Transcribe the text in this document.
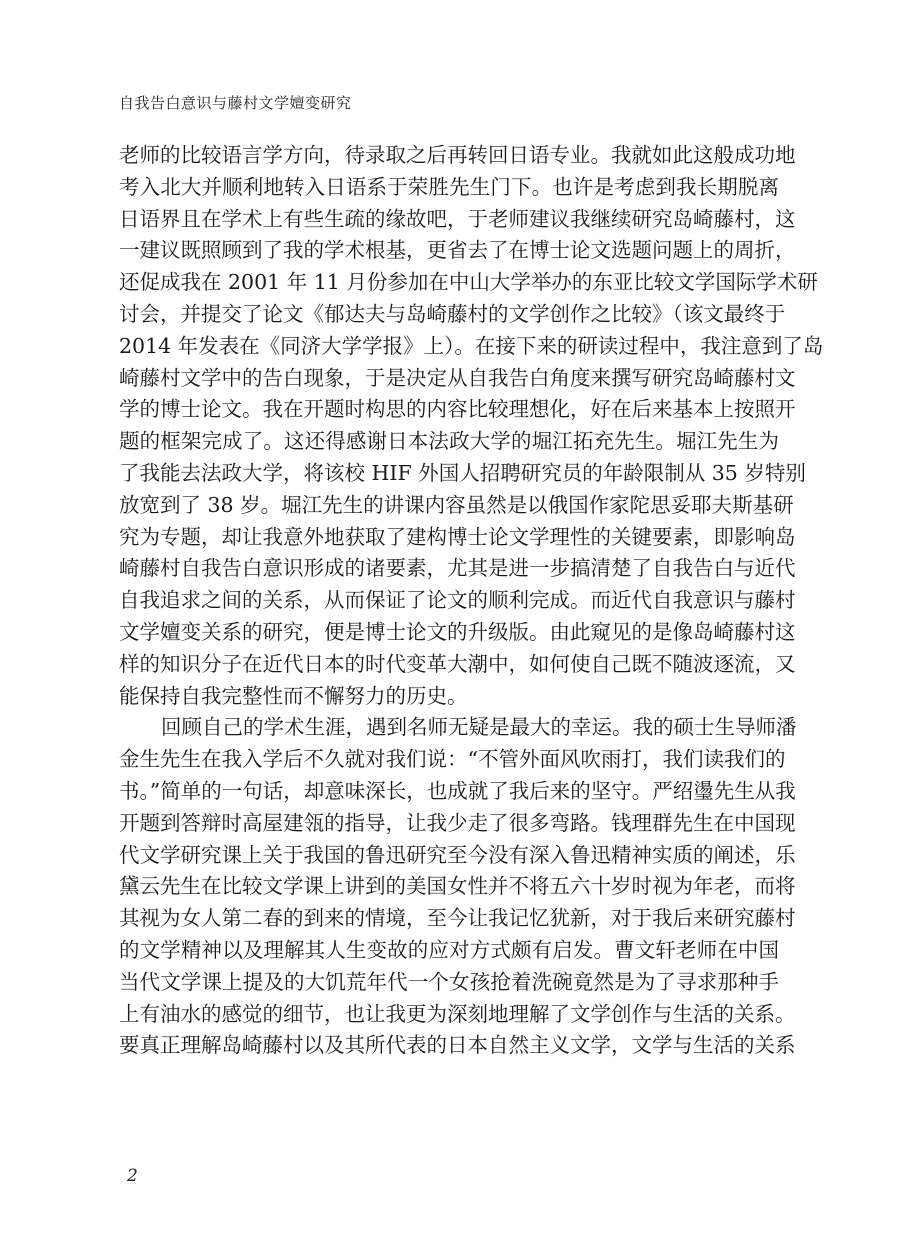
自我告白意识与藤村文学嬗变研究
老师的比较语言学方向，待录取之后再转回日语专业。我就如此这般成功地
考入北大并顺利地转入日语系于荣胜先生门下。也许是考虑到我长期脱离
日语界且在学术上有些生疏的缘故吧，于老师建议我继续研究岛崎藤村，这
一建议既照顾到了我的学术根基，更省去了在博士论文选题问题上的周折，
还促成我在 2001 年 11 月份参加在中山大学举办的东亚比较文学国际学术研
讨会，并提交了论文《郁达夫与岛崎藤村的文学创作之比较》（该文最终于
2014 年发表在《同济大学学报》上）。在接下来的研读过程中，我注意到了岛
崎藤村文学中的告白现象，于是决定从自我告白角度来撰写研究岛崎藤村文
学的博士论文。我在开题时构思的内容比较理想化，好在后来基本上按照开
题的框架完成了。这还得感谢日本法政大学的堀江拓充先生。堀江先生为
了我能去法政大学，将该校 HIF 外国人招聘研究员的年龄限制从 35 岁特别
放宽到了 38 岁。堀江先生的讲课内容虽然是以俄国作家陀思妥耶夫斯基研
究为专题，却让我意外地获取了建构博士论文学理性的关键要素，即影响岛
崎藤村自我告白意识形成的诸要素，尤其是进一步搞清楚了自我告白与近代
自我追求之间的关系，从而保证了论文的顺利完成。而近代自我意识与藤村
文学嬗变关系的研究，便是博士论文的升级版。由此窥见的是像岛崎藤村这
样的知识分子在近代日本的时代变革大潮中，如何使自己既不随波逐流，又
能保持自我完整性而不懈努力的历史。
回顾自己的学术生涯，遇到名师无疑是最大的幸运。我的硕士生导师潘
金生先生在我入学后不久就对我们说：“不管外面风吹雨打，我们读我们的
书。”简单的一句话，却意味深长，也成就了我后来的坚守。严绍璗先生从我
开题到答辩时高屋建瓴的指导，让我少走了很多弯路。钱理群先生在中国现
代文学研究课上关于我国的鲁迅研究至今没有深入鲁迅精神实质的阐述，乐
黛云先生在比较文学课上讲到的美国女性并不将五六十岁时视为年老，而将
其视为女人第二春的到来的情境，至今让我记忆犹新，对于我后来研究藤村
的文学精神以及理解其人生变故的应对方式颇有启发。曹文轩老师在中国
当代文学课上提及的大饥荒年代一个女孩抢着洗碗竟然是为了寻求那种手
上有油水的感觉的细节，也让我更为深刻地理解了文学创作与生活的关系。
要真正理解岛崎藤村以及其所代表的日本自然主义文学，文学与生活的关系
2
